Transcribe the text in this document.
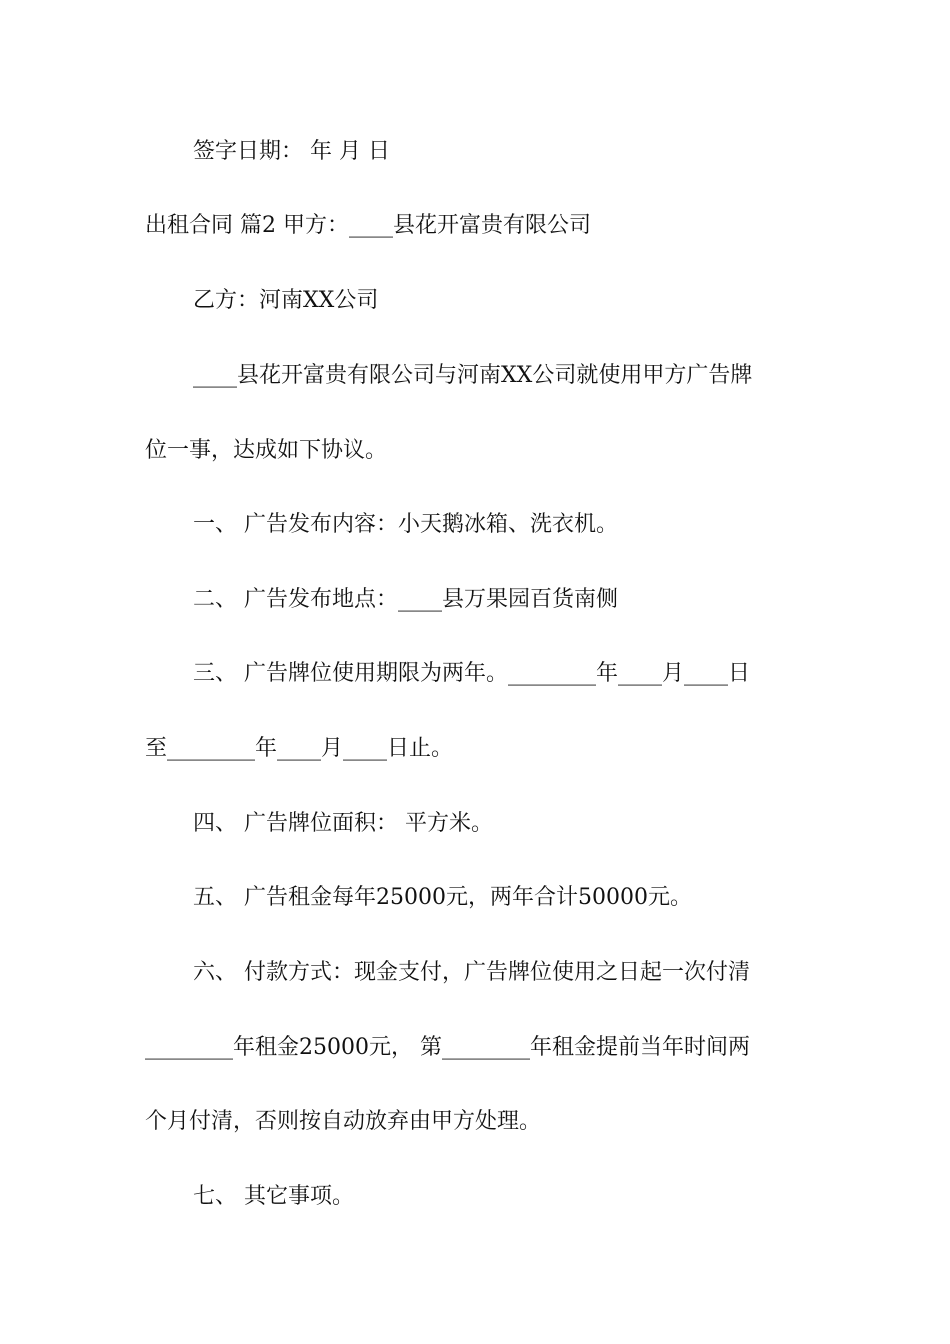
签字日期： 年 月 日
出租合同 篇2 甲方：____县花开富贵有限公司
乙方：河南XX公司
____县花开富贵有限公司与河南XX公司就使用甲方广告牌
位一事，达成如下协议。
一、 广告发布内容：小天鹅冰箱、洗衣机。
二、 广告发布地点：____县万果园百货南侧
三、 广告牌位使用期限为两年。________年____月____日
至________年____月____日止。
四、 广告牌位面积： 平方米。
五、 广告租金每年25000元，两年合计50000元。
六、 付款方式：现金支付，广告牌位使用之日起一次付清
________年租金25000元， 第________年租金提前当年时间两
个月付清，否则按自动放弃由甲方处理。
七、 其它事项。
